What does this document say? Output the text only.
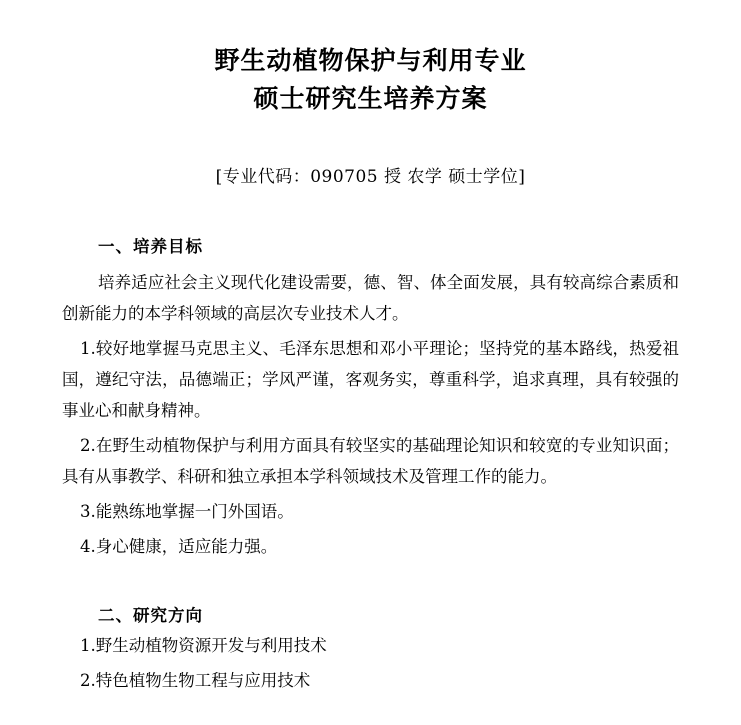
野生动植物保护与利用专业
硕士研究生培养方案
[专业代码：090705 授 农学 硕士学位]
一、培养目标

培养适应社会主义现代化建设需要，德、智、体全面发展，具有较高综合素质和创新能力的本学科领域的高层次专业技术人才。

1.较好地掌握马克思主义、毛泽东思想和邓小平理论；坚持党的基本路线，热爱祖国，遵纪守法，品德端正；学风严谨，客观务实，尊重科学，追求真理，具有较强的事业心和献身精神。

2.在野生动植物保护与利用方面具有较坚实的基础理论知识和较宽的专业知识面；具有从事教学、科研和独立承担本学科领域技术及管理工作的能力。

3.能熟练地掌握一门外国语。

4.身心健康，适应能力强。

二、研究方向

1.野生动植物资源开发与利用技术

2.特色植物生物工程与应用技术
